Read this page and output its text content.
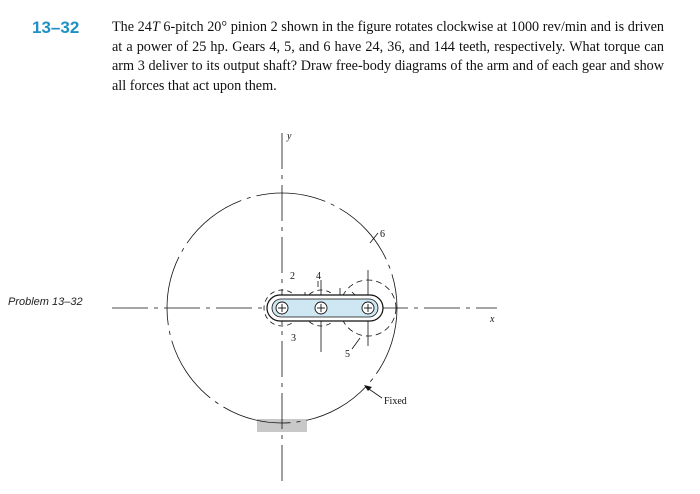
13–32 The 24T 6-pitch 20° pinion 2 shown in the figure rotates clockwise at 1000 rev/min and is driven at a power of 25 hp. Gears 4, 5, and 6 have 24, 36, and 144 teeth, respectively. What torque can arm 3 deliver to its output shaft? Draw free-body diagrams of the arm and of each gear and show all forces that act upon them.
Problem 13–32
y
x
2 4
6
3
5
Fixed
